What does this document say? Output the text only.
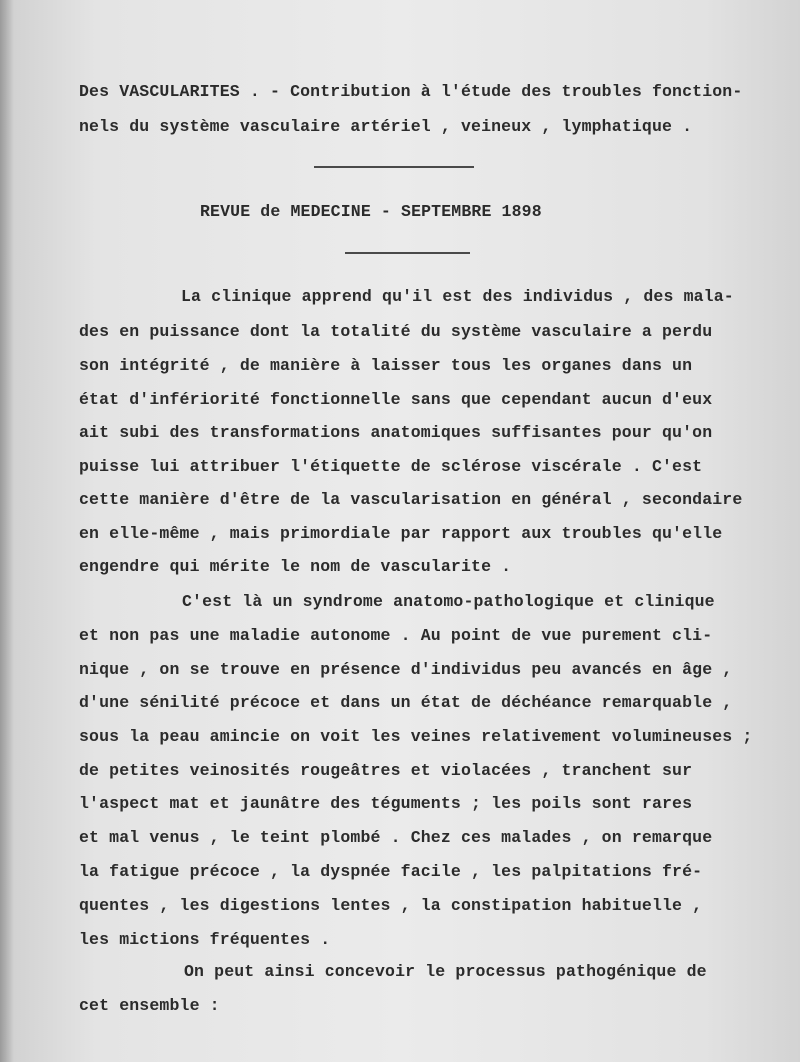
Des VASCULARITES . - Contribution à l'étude des troubles fonction-
nels du système vasculaire artériel , veineux , lymphatique .
REVUE de MEDECINE - SEPTEMBRE 1898
La clinique apprend qu'il est des individus , des mala-
des en puissance dont la totalité du système vasculaire a perdu
son intégrité , de manière à laisser tous les organes dans un
état d'infériorité fonctionnelle sans que cependant aucun d'eux
ait subi des transformations anatomiques suffisantes pour qu'on
puisse lui attribuer l'étiquette de sclérose viscérale . C'est
cette manière d'être de la vascularisation en général , secondaire
en elle-même , mais primordiale par rapport aux troubles qu'elle
engendre qui mérite le nom de vascularite .
C'est là un syndrome anatomo-pathologique et clinique
et non pas une maladie autonome . Au point de vue purement cli-
nique , on se trouve en présence d'individus peu avancés en âge ,
d'une sénilité précoce et dans un état de déchéance remarquable ,
sous la peau amincie on voit les veines relativement volumineuses ;
de petites veinosités rougeâtres et violacées , tranchent sur
l'aspect mat et jaunâtre des téguments ; les poils sont rares
et mal venus , le teint plombé . Chez ces malades , on remarque
la fatigue précoce , la dyspnée facile , les palpitations fré-
quentes , les digestions lentes , la constipation habituelle ,
les mictions fréquentes .
On peut ainsi concevoir le processus pathogénique de
cet ensemble :
